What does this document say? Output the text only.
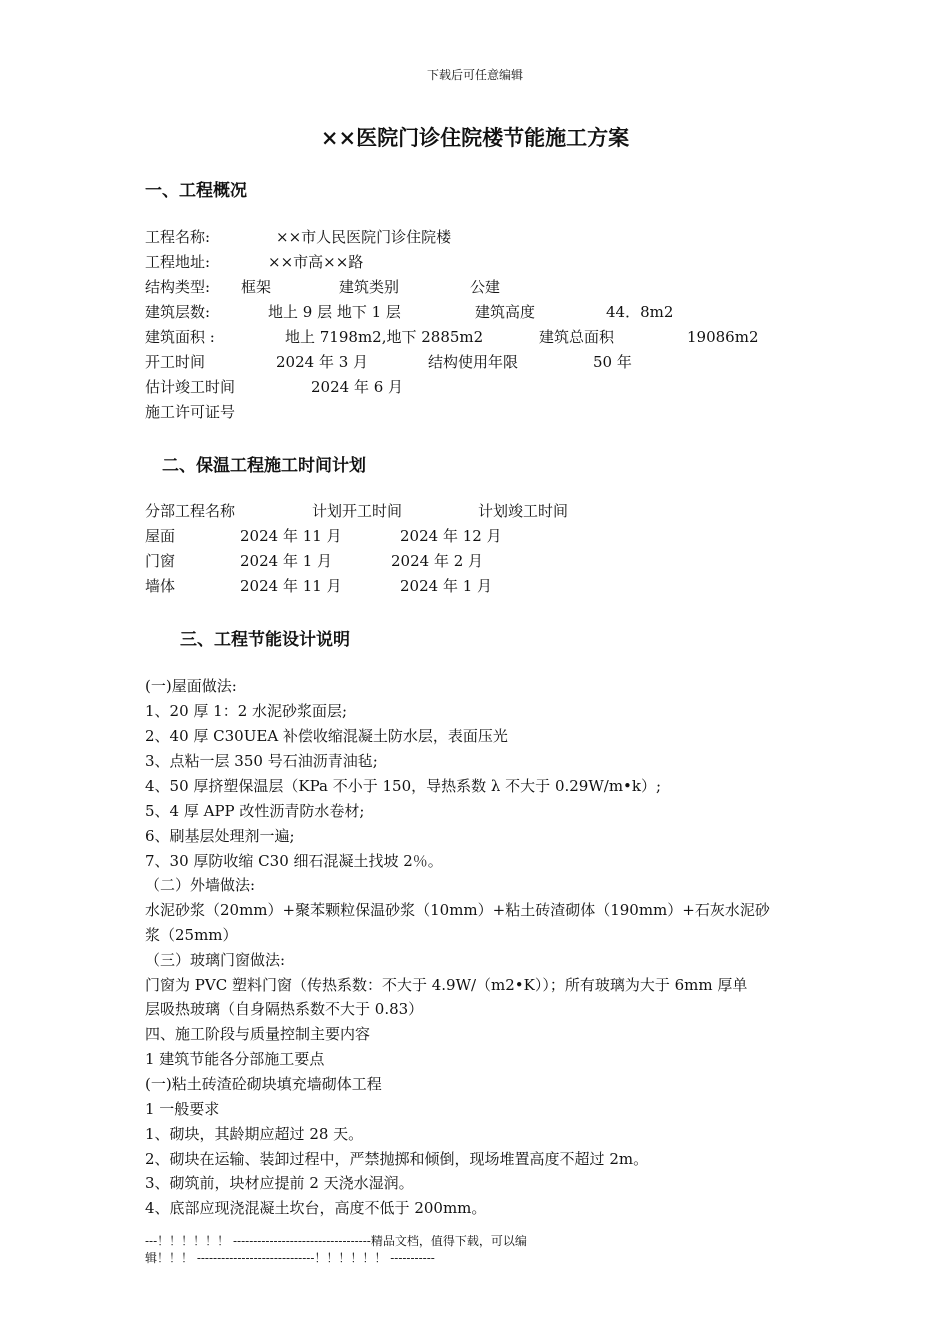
下载后可任意编辑
××医院门诊住院楼节能施工方案
一、工程概况
工程名称:	××市人民医院门诊住院楼
工程地址:	××市高××路
结构类型: 框架	建筑类别	公建
建筑层数:	地上 9 层 地下 1 层	建筑高度	44．8m2
建筑面积 :	地上 7198m2,地下 2885m2	建筑总面积	19086m2
开工时间	2024 年 3 月	结构使用年限	50 年
估计竣工时间	2024 年 6 月
施工许可证号
二、保温工程施工时间计划
分部工程名称	计划开工时间	计划竣工时间
屋面	2024 年 11 月	2024 年 12 月
门窗	2024 年 1 月	2024 年 2 月
墙体	2024 年 11 月	2024 年 1 月
三、工程节能设计说明
(一)屋面做法:
1、20 厚 1：2 水泥砂浆面层;
2、40 厚 C30UEA 补偿收缩混凝土防水层，表面压光
3、点粘一层 350 号石油沥青油毡;
4、50 厚挤塑保温层（KPa 不小于 150，导热系数 λ 不大于 0.29W/m•k）;
5、4 厚 APP 改性沥青防水卷材;
6、刷基层处理剂一遍;
7、30 厚防收缩 C30 细石混凝土找坡 2％。
（二）外墙做法:
水泥砂浆（20mm）+聚苯颗粒保温砂浆（10mm）+粘土砖渣砌体（190mm）+石灰水泥砂
浆（25mm）
（三）玻璃门窗做法:
门窗为 PVC 塑料门窗（传热系数：不大于 4.9W/（m2•K））；所有玻璃为大于 6mm 厚单
层吸热玻璃（自身隔热系数不大于 0.83）
四、施工阶段与质量控制主要内容
1 建筑节能各分部施工要点
(一)粘土砖渣砼砌块填充墙砌体工程
1 一般要求
1、砌块，其龄期应超过 28 天。
2、砌块在运输、装卸过程中，严禁抛掷和倾倒，现场堆置高度不超过 2m。
3、砌筑前，块材应提前 2 天浇水湿润。
4、底部应现浇混凝土坎台，高度不低于 200mm。
---！！！！！！ ----------------------------------精品文档，值得下载，可以编
辑！！！ -----------------------------！！！！！！ -----------
